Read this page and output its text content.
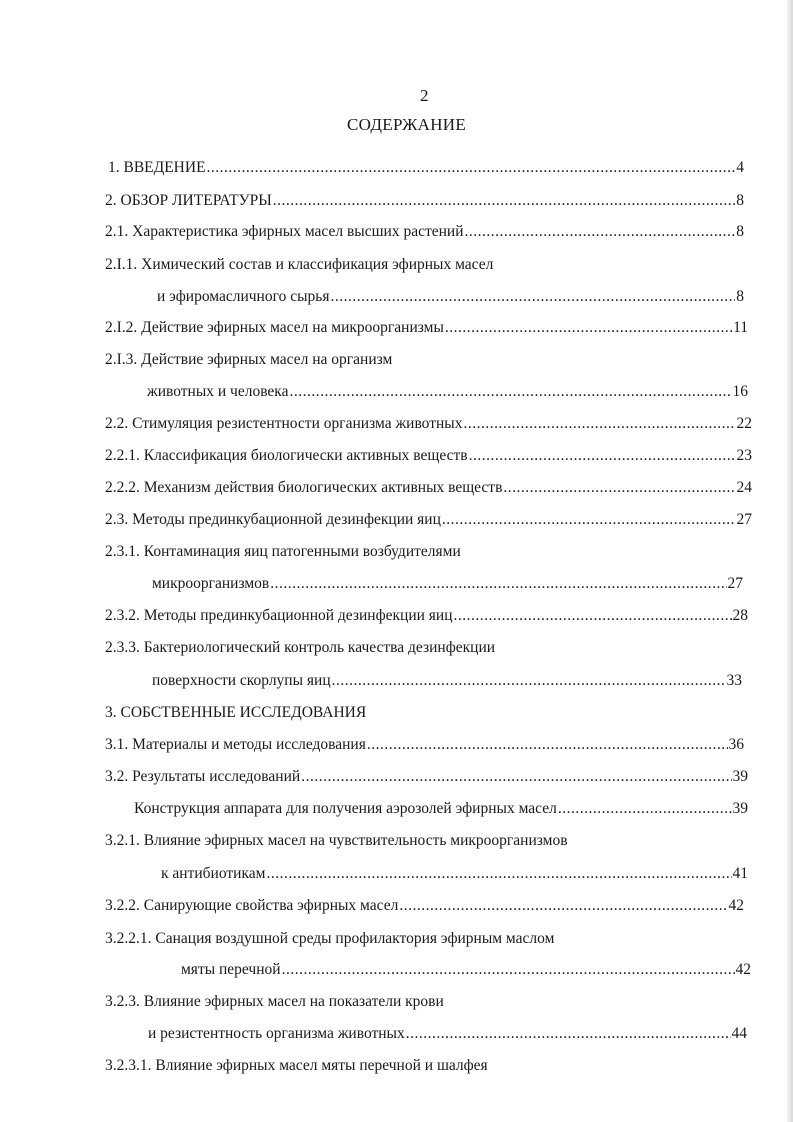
2
СОДЕРЖАНИЕ
1. ВВЕДЕНИЕ .....	4
2. ОБЗОР ЛИТЕРАТУРЫ .....	8
2.1. Характеристика эфирных масел высших растений .....	8
2.I.1. Химический состав и классификация эфирных масел
и эфиромасличного сырья .....	8
2.I.2. Действие эфирных масел на микроорганизмы .....	11
2.I.3. Действие эфирных масел на организм
животных и человека .....	16
2.2. Стимуляция резистентности организма животных .....	22
2.2.1. Классификация биологически активных веществ .....	23
2.2.2. Механизм действия биологических активных веществ .....	24
2.3. Методы прединкубационной дезинфекции яиц .....	27
2.3.1. Контаминация яиц патогенными возбудителями
микроорганизмов .....	27
2.3.2. Методы прединкубационной дезинфекции яиц .....	28
2.3.3. Бактериологический контроль качества дезинфекции
поверхности скорлупы яиц .....	33
3. СОБСТВЕННЫЕ ИССЛЕДОВАНИЯ
3.1. Материалы и методы исследования .....	36
3.2. Результаты исследований .....	39
Конструкция аппарата для получения аэрозолей эфирных масел .....	39
3.2.1. Влияние эфирных масел на чувствительность микроорганизмов
к антибиотикам .....	41
3.2.2. Санирующие свойства эфирных масел .....	42
3.2.2.1. Санация воздушной среды профилактория эфирным маслом
мяты перечной .....	42
3.2.3. Влияние эфирных масел на показатели крови
и резистентность организма животных .....	44
3.2.3.1. Влияние эфирных масел мяты перечной и шалфея
